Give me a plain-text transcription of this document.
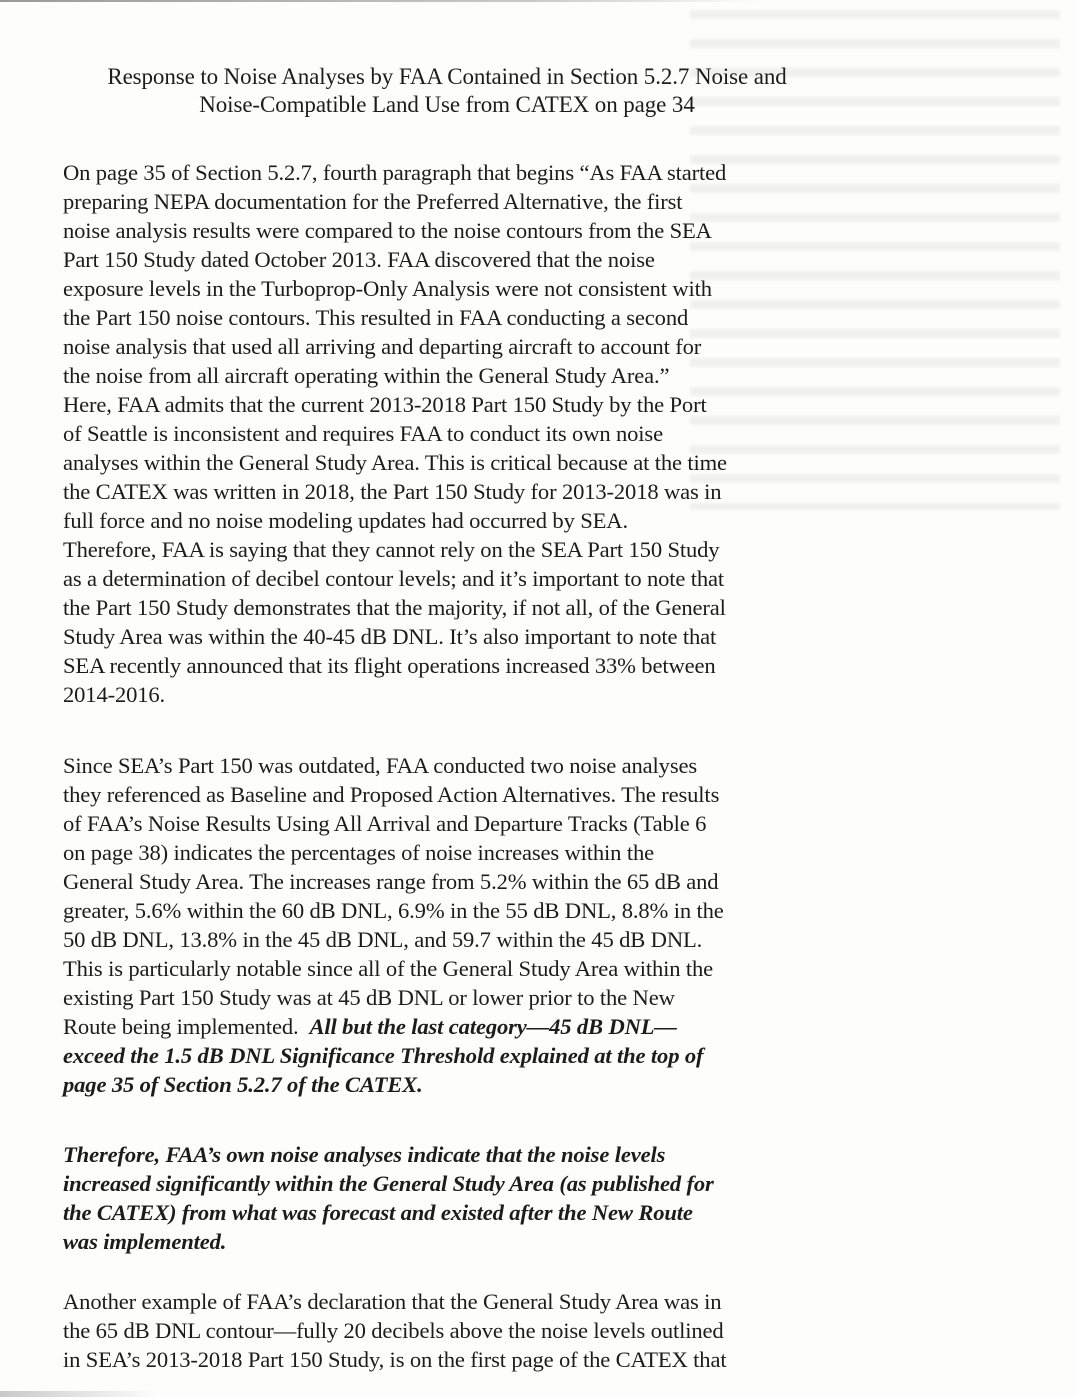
Response to Noise Analyses by FAA Contained in Section 5.2.7 Noise and
Noise-Compatible Land Use from CATEX on page 34
On page 35 of Section 5.2.7, fourth paragraph that begins “As FAA started
preparing NEPA documentation for the Preferred Alternative, the first
noise analysis results were compared to the noise contours from the SEA
Part 150 Study dated October 2013. FAA discovered that the noise
exposure levels in the Turboprop-Only Analysis were not consistent with
the Part 150 noise contours. This resulted in FAA conducting a second
noise analysis that used all arriving and departing aircraft to account for
the noise from all aircraft operating within the General Study Area.”
Here, FAA admits that the current 2013-2018 Part 150 Study by the Port
of Seattle is inconsistent and requires FAA to conduct its own noise
analyses within the General Study Area. This is critical because at the time
the CATEX was written in 2018, the Part 150 Study for 2013-2018 was in
full force and no noise modeling updates had occurred by SEA.
Therefore, FAA is saying that they cannot rely on the SEA Part 150 Study
as a determination of decibel contour levels; and it’s important to note that
the Part 150 Study demonstrates that the majority, if not all, of the General
Study Area was within the 40-45 dB DNL. It’s also important to note that
SEA recently announced that its flight operations increased 33% between
2014-2016.
Since SEA’s Part 150 was outdated, FAA conducted two noise analyses
they referenced as Baseline and Proposed Action Alternatives. The results
of FAA’s Noise Results Using All Arrival and Departure Tracks (Table 6
on page 38) indicates the percentages of noise increases within the
General Study Area. The increases range from 5.2% within the 65 dB and
greater, 5.6% within the 60 dB DNL, 6.9% in the 55 dB DNL, 8.8% in the
50 dB DNL, 13.8% in the 45 dB DNL, and 59.7 within the 45 dB DNL.
This is particularly notable since all of the General Study Area within the
existing Part 150 Study was at 45 dB DNL or lower prior to the New
Route being implemented.  All but the last category—45 dB DNL—
exceed the 1.5 dB DNL Significance Threshold explained at the top of
page 35 of Section 5.2.7 of the CATEX.
Therefore, FAA’s own noise analyses indicate that the noise levels
increased significantly within the General Study Area (as published for
the CATEX) from what was forecast and existed after the New Route
was implemented.
Another example of FAA’s declaration that the General Study Area was in
the 65 dB DNL contour—fully 20 decibels above the noise levels outlined
in SEA’s 2013-2018 Part 150 Study, is on the first page of the CATEX that
